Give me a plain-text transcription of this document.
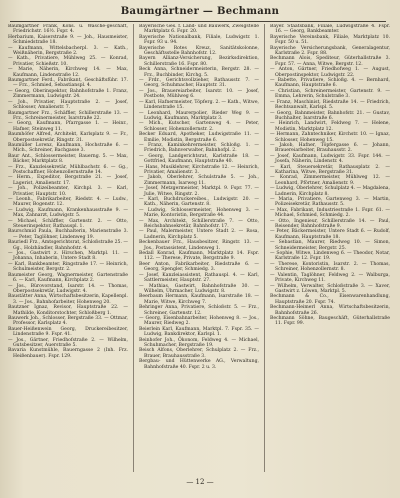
Baumgärtner — Bechmann

Baumgärtner Frank, Kons. u. Wäsche-geschäft, Friedrichstr. 16½. Fspr. 4.

Herbarium, Kaiserstraße 9. — Joh., Hausmeister, Schmiedstraße 18.

— Kaufmann, Wittelsbacherpl. 3. — Kath., Weißnäherin, Bergstraße 2.

— Kath., Privatiere, Mühlweg 25. — Konrad, Privatier, Schießstr. 10.

— Marie, Näherin, Kirchweg 14. — Max, Kaufmann, Lindenstraße 12.

Baumgartner Ferd., Fabrikant, Geschäftsführ. 17. — Frz., Schmied, Sebastianspl. 4.

— Georg, Oberinspektor, Bahnhofstraße 1. Franz, Zimmermann, Ludwigstr. 24.

— Joh., Privatier, Hauptstraße 2. — Josef, Schlosser, Amalienstr. 7.

Baumgartner Frz., Schäffler, Schillerstraße 13. — Frz., Schreinermeister, Isarstraße 22.

— Georg, Kaufmann, Pfarrgasse 1. — Heinr., Hafner, Steinweg 11.

Baumhöfer Alfred, Architekt, Karlsplatz 9. — Fr., Oberpostsekretär, Ringstr. 31.

Baumüller Lorenz, Kaufmann, Hochstraße 6. — Mich., Schreiner, Bachgasse 3.

Baur Ant., Schlossermeister, Bauerng. 5. — Max, Bäcker, Marktplatz 8.

— Frz., Kanzleisekretär, Mühlbachstr. 6. — Gg., Postschaffner, Hohenzollernstraße 14.

— Herm., Expeditor, Bergstraße 21. — Josef, Lagerist, Amalienstr. 17.

— Joh., Polizeibeamter, Kirchpl. 3. — Karl, Privatier, Hauptstr. 10.

— Leonh., Fabrikarbeiter, Riedstr. 4. — Ludw., Maurer, Bogenstr. 12.

— Ludwig, Kaufmann, Krankenhausstraße 9. — Max, Zahnarzt, Ludwigstr. 5.

— Michael, Schäffler, Gartenstr. 2. — Otto, Steuerinspektor, Rathauspl. 1.

Baurschmid Paula, Buchhalterin, Marienstraße 3. — Peter, Taglöhner, Lindenweg 19.

Bauriedl Frz., Amtsgerichtsrat, Schloßstraße 25. — Gg., Holzhändler, Bahnhofstr. 4.

— Jos., Gastwirt z. Hirschen, Marktpl. 11. — Johanna, Inhaberin, Untere Stadt 8.

— Karl, Bankbeamter, Ringstraße 17. — Heinrich, Schulmeister, Bergstr. 2.

Baumeister Georg, Wagnermeister, Gartenstraße 6. — Karl, Kaufmann, Kirchplatz 2.

— Jos., Bürovorstand, Isarstr. 14. — Thomas, Oberpostsekretär, Ludwigstr. 4.

Baustätter Anna, Wirtschaftsbesitzerin, Kapellenpl. 3. — Jos., Bahnhofarbeiter, Hohenweg 20.

Bautzner Ignaz, Revisor, Hauptstraße 22. — Mathilde, Konditorstochter, Schloßberg 1.

Bauwerk Joh., Schlosser, Bergstraße 33. — Ottmar, Professor, Karlsplatz 4.

Bauer-Heißenwein Georg, Druckereibesitzer, Lindenstraße 9. Fspr. 41.

— Jos., Gärtner, Friedhofstraße 2. — Wilhelm, Gutsbesitzer, Auerstraße 5.

Bavaria Kunstmühle, Bauerngasse 2 (Inh. Frz. Heißenbauer). Fspr. 129.

Bayerische Ges. f. Land- und Bauwerk, Zweigstelle Marktplatz 6. Fspr. 20.

Bayerische Nationalbank, Filiale, Ludwigstr. 1. Fspr. 93 u. 94.

Bayerische Rotes Kreuz, Sanitätskolonne, Geschäftsstelle Bahnhofstr. 12.

Bayern Allianz-Versicherung, Bezirksdirektion, Schillerstraße 16. Fspr. 80.

Beck Anna, Schneidermeisterin, Bergstr. 28. — Frz., Buchbinder, Kirchg. 5.

— Frdr., Gerichtsvollzieher, Rathausstr. 7. — Georg, Schuhmacher, Hauptstr. 31.

— Jos., Brauereiarbeiter, Isarstr. 10. — Josef, Postbote, Mühlweg 6.

— Karl, Hafnermeister, Töpferg. 2. — Kath., Witwe, Lindenstraße 15.

— Leonhard, Maurerpolier, Rieder Weg 9. — Ludwig, Kaufmann, Marktplatz 3.

— Mich., Kutscher, Gartenweg 4. — Peter, Schlosser, Hohenzollernstr. 2.

Becker Eduard, Apotheker, Ludwigstraße 11. — Emilie, Modistin, Bergstraße 6.

— Franz, Kaminkehrermeister, Schloßg. 1. — Friedrich, Bahnverwalter, Bahnhofpl. 2.

— Georg, Landgerichtsrat, Karlstraße 18. — Gottfried, Kaufmann, Hauptstraße 40.

— Hans, Musiklehrer, Kirchstraße 12. — Heinrich, Privatier, Amalienstr. 3.

— Jakob, Oberlehrer, Schulstraße 5. — Joh., Zimmermann, Isarweg 11.

— Josef, Metzgermeister, Marktpl. 9. Fspr. 77. — Julie, Witwe, Ringstr. 2.

— Karl, Buchdruckereibes., Ludwigstr. 20. — Kath., Näherin, Gartenstr. 8.

— Ludwig, Schlossermeister, Hohenweg 3. — Marie, Kontoristin, Bergstraße 44.

— Max, Architekt, Schillerstraße 7. — Otto, Reichsbahnsekretär, Bahnhofstr. 17.

— Paul, Malermeister, Untere Stadt 2. — Rosa, Ladnerin, Kirchplatz 5.

Beckenbauer Frz., Hausbesitzer, Ringstr. 13. — Jos., Postassistent, Lindenweg 1.

Bedall Konrad, Kaufmann, Marktplatz 14. Fspr. 112. — Therese, Private, Bergstraße 9.

Beer Anton, Fabrikarbeiter, Riedstraße 6. — Georg, Spengler, Schmiedg. 3.

— Josef, Kanzleiassistent, Rathauspl. 4. — Karl, Sattlermeister, Hauptstr. 27.

— Mathias, Gastwirt, Bahnhofstraße 30. — Wilhelm, Uhrmacher, Ludwigstr. 8.

Beerbaum Hermann, Kaufmann, Isarstraße 18. — Marie, Witwe, Kirchweg 7.

Behringer Anna, Privatiere, Schloßstr. 5. — Frz., Schreiner, Gartenstr. 12.

— Georg, Eisenbahnarbeiter, Hohenweg 8. — Jos., Maurer, Riedweg 2.

Beierlein Karl, Kaufmann, Marktpl. 7. Fspr. 35. — Ludwig, Bankdirektor, Karlspl. 1.

Beinhofer Joh., Ökonom, Feldweg 4. — Michael, Schuhmacher, Bergstraße 19.

Beisch Alfons, Oberlehrer, Schulplatz 2. — Frz., Brauer, Brauhausstraße 3.

Bergbau- und Hüttenwerke AG., Verwaltung, Bahnhofstraße 40. Fspr. 2 u. 3.

Bayer. Staatsbank, Filiale, Ludwigstraße 4. Fspr. 16. — Georg, Bankbeamter.

Bayerische Vereinsbank, Filiale, Marktplatz 10. Fspr. 50 u. 51.

Bayerische Versicherungsbank, Generalagentur, Karlstraße 2. Fspr. 88.

Bechmann Alois, Spediteur, Güterhallstraße 3. Fspr. 57. — Anna, Witwe, Bergstr. 12.

— Anton, Gärtner, Friedhofweg 1. — August, Oberpostinspektor, Ludwigstr. 22.

— Babette, Privatiere, Schloßg. 4. — Bernhard, Kaufmann, Hauptstraße 6.

— Christian, Schreinermeister, Gartenstr. 9. — Emma, Lehrerin, Schulstraße 3.

— Franz, Maschinist, Riedstraße 14. — Friedrich, Rechtsanwalt, Karlspl. 5.

— Georg, Bahnmeister, Bahnhofstr. 21. — Gustav, Buchhalter, Isarstraße 6.

— Heinrich, Landwirt, Feldweg 7. — Helene, Modistin, Marktplatz 12.

— Hermann, Zahntechniker, Kirchstr. 10. — Ignaz, Schlosser, Hohenweg 15.

— Jakob, Hafner, Töpfergasse 6. — Johann, Brauereiarbeiter, Brauhausstr. 2.

— Josef, Kaufmann, Ludwigstr. 33. Fspr. 144. — Josefa, Näherin, Lindenstr. 4.

— Karl, Steuersekretär, Rathausplatz 2. — Katharina, Witwe, Bergstraße 31.

— Konrad, Zimmermeister, Mühlweg 12. — Leonhard, Pförtner, Amalienstr. 9.

— Ludwig, Oberlehrer, Schulplatz 4. — Magdalena, Ladnerin, Kirchplatz 8.

— Maria, Privatiere, Gartenweg 3. — Martin, Polizeisekretär, Rathausstr. 5.

— Max, Fabrikant, Industriestraße 1. Fspr. 61. — Michael, Schmied, Schmiedg. 2.

— Otto, Ingenieur, Schillerstraße 14. — Paul, Reisender, Bahnhofstraße 9.

— Peter, Bäckermeister, Untere Stadt 6. — Rudolf, Kaufmann, Hauptstraße 18.

— Sebastian, Maurer, Riedweg 10. — Simon, Schneidermeister, Bergstr. 25.

— Sophie, Witwe, Lindenweg 6. — Theodor, Notar, Karlstraße 12. Fspr. 19.

— Therese, Kontoristin, Isarstr. 2. — Thomas, Schreiner, Hohenzollernstr. 8.

— Valentin, Taglöhner, Feldweg 2. — Walburga, Private, Kirchweg 11.

— Wilhelm, Verwalter, Schloßstraße 3. — Xaver, Gastwirt z. Löwen, Marktpl. 5.

Bechmann & Co., Eisenwarenhandlung, Hauptstraße 20. Fspr. 74.

Bechmann-Heimerl Anna, Wirtschaftsbesitzerin, Bahnhofstraße 26.

Bechmann Söhne, Baugeschäft, Güterhallstraße 11. Fspr. 99.

— 12 —
